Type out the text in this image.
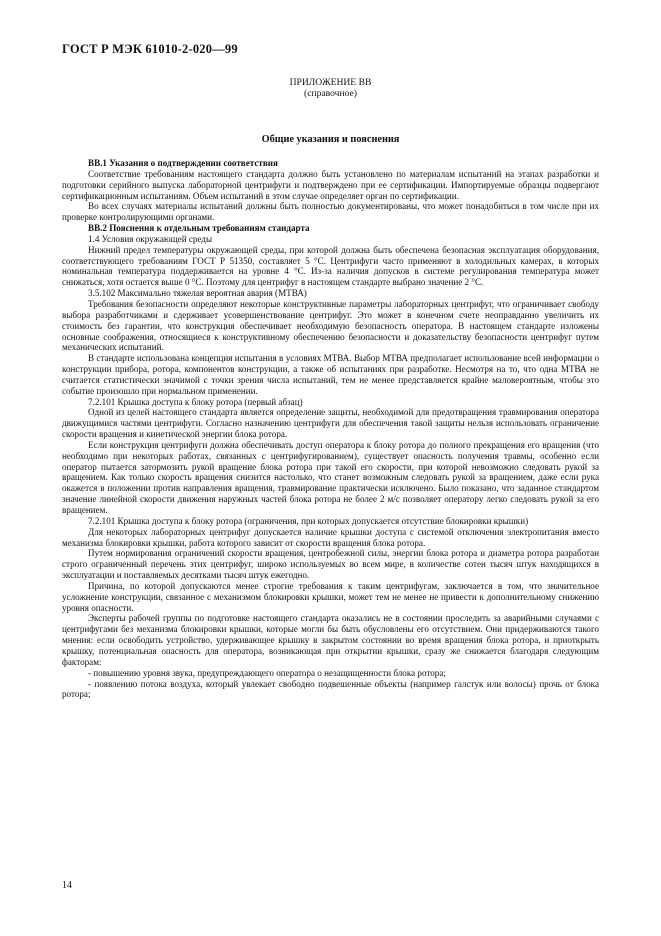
ГОСТ Р МЭК 61010-2-020—99
ПРИЛОЖЕНИЕ ВВ
(справочное)
Общие указания и пояснения

ВВ.1 Указания о подтверждении соответствия

Соответствие требованиям настоящего стандарта должно быть установлено по материалам испытаний на этапах разработки и подготовки серийного выпуска лабораторной центрифуги и подтверждено при ее сертификации. Импортируемые образцы подвергают сертификационным испытаниям. Объем испытаний в этом случае определяет орган по сертификации.

Во всех случаях материалы испытаний должны быть полностью документированы, что может понадобиться в том числе при их проверке контролирующими органами.

ВВ.2 Пояснения к отдельным требованиям стандарта

1.4 Условия окружающей среды

Нижний предел температуры окружающей среды, при которой должна быть обеспечена безопасная эксплуатация оборудования, соответствующего требованиям ГОСТ Р 51350, составляет 5 °С. Центрифуги часто применяют в холодильных камерах, в которых номинальная температура поддерживается на уровне 4 °С. Из-за наличия допусков в системе регулирования температура может снижаться, хотя остается выше 0 °С. Поэтому для центрифуг в настоящем стандарте выбрано значение 2 °С.

3.5.102 Максимально тяжелая вероятная авария (МТВА)

Требования безопасности определяют некоторые конструктивные параметры лабораторных центрифуг, что ограничивает свободу выбора разработчиками и сдерживает усовершенствование центрифуг. Это может в конечном счете неоправданно увеличить их стоимость без гарантии, что конструкция обеспечивает необходимую безопасность оператора. В настоящем стандарте изложены основные соображения, относящиеся к конструктивному обеспечению безопасности и доказательству безопасности центрифуг путем механических испытаний.

В стандарте использована концепция испытания в условиях МТВА. Выбор МТВА предполагает использование всей информации о конструкции прибора, ротора, компонентов конструкции, а также об испытаниях при разработке. Несмотря на то, что одна МТВА не считается статистически значимой с точки зрения числа испытаний, тем не менее представляется крайне маловероятным, чтобы это событие произошло при нормальном применении.

7.2.101 Крышка доступа к блоку ротора (первый абзац)

Одной из целей настоящего стандарта является определение защиты, необходимой для предотвращения травмирования оператора движущимися частями центрифуги. Согласно назначению центрифуги для обеспечения такой защиты нельзя использовать ограничение скорости вращения и кинетической энергии блока ротора.

Если конструкция центрифуги должна обеспечивать доступ оператора к блоку ротора до полного прекращения его вращения (что необходимо при некоторых работах, связанных с центрифугированием), существует опасность получения травмы, особенно если оператор пытается затормозить рукой вращение блока ротора при такой его скорости, при которой невозможно следовать рукой за вращением. Как только скорость вращения снизится настолько, что станет возможным следовать рукой за вращением, даже если рука окажется в положении против направления вращения, травмирование практически исключено. Было показано, что заданное стандартом значение линейной скорости движения наружных частей блока ротора не более 2 м/с позволяет оператору легко следовать рукой за его вращением.

7.2.101 Крышка доступа к блоку ротора (ограничения, при которых допускается отсутствие блокировки крышки)

Для некоторых лабораторных центрифуг допускается наличие крышки доступа с системой отключения электропитания вместо механизма блокировки крышки, работа которого зависит от скорости вращения блока ротора.

Путем нормирования ограничений скорости вращения, центробежной силы, энергии блока ротора и диаметра ротора разработан строго ограниченный перечень этих центрифуг, широко используемых во всем мире, в количестве сотен тысяч штук находящихся в эксплуатации и поставляемых десятками тысяч штук ежегодно.

Причина, по которой допускаются менее строгие требования к таким центрифугам, заключается в том, что значительное усложнение конструкции, связанное с механизмом блокировки крышки, может тем не менее не привести к дополнительному снижению уровня опасности.

Эксперты рабочей группы по подготовке настоящего стандарта оказались не в состоянии проследить за аварийными случаями с центрифугами без механизма блокировки крышки, которые могли бы быть обусловлены его отсутствием. Они придерживаются такого мнения: если освободить устройство, удерживающее крышку в закрытом состоянии во время вращения блока ротора, и приоткрыть крышку, потенциальная опасность для оператора, возникающая при открытии крышки, сразу же снижается благодаря следующим факторам:

- повышению уровня звука, предупреждающего оператора о незащищенности блока ротора;

- появлению потока воздуха, который увлекает свободно подвешенные объекты (например галстук или волосы) прочь от блока ротора;

14
